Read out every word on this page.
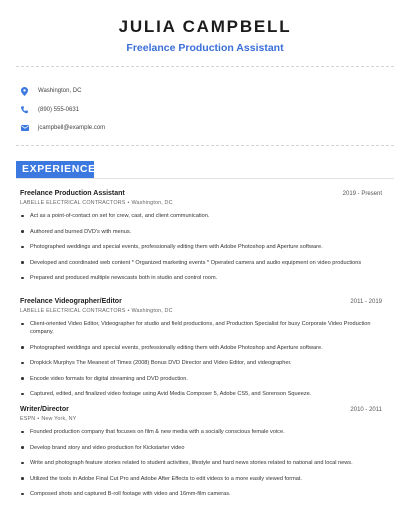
JULIA CAMPBELL
Freelance Production Assistant
Washington, DC
(890) 555-0631
jcampbell@example.com
EXPERIENCE
Freelance Production Assistant	2019 - Present
LABELLE ELECTRICAL CONTRACTORS • Washington, DC
Act as a point-of-contact on set for crew, cast, and client communication.
Authored and burned DVD's with menus.
Photographed weddings and special events, professionally editing them with Adobe Photoshop and Aperture software.
Developed and coordinated web content * Organized marketing events * Operated camera and audio equipment on video productions
Prepared and produced multiple newscasts both in studio and control room.
Freelance Videographer/Editor	2011 - 2019
LABELLE ELECTRICAL CONTRACTORS • Washington, DC
Client-oriented Video Editor, Videographer for studio and field productions, and Production Specialist for busy Corporate Video Production company.
Photographed weddings and special events, professionally editing them with Adobe Photoshop and Aperture software.
Dropkick Murphys The Meanest of Times (2008) Bonus DVD Director and Video Editor, and videographer.
Encode video formats for digital streaming and DVD production.
Captured, edited, and finalized video footage using Avid Media Composer 5, Adobe CS5, and Sorenson Squeeze.
Writer/Director	2010 - 2011
ESPN • New York, NY
Founded production company that focuses on film & new media with a socially conscious female voice.
Develop brand story and video production for Kickstarter video
Write and photograph feature stories related to student activities, lifestyle and hard news stories related to national and local news.
Utilized the tools in Adobe Final Cut Pro and Adobe After Effects to edit videos to a more easily viewed format.
Composed shots and captured B-roll footage with video and 16mm-film cameras.
